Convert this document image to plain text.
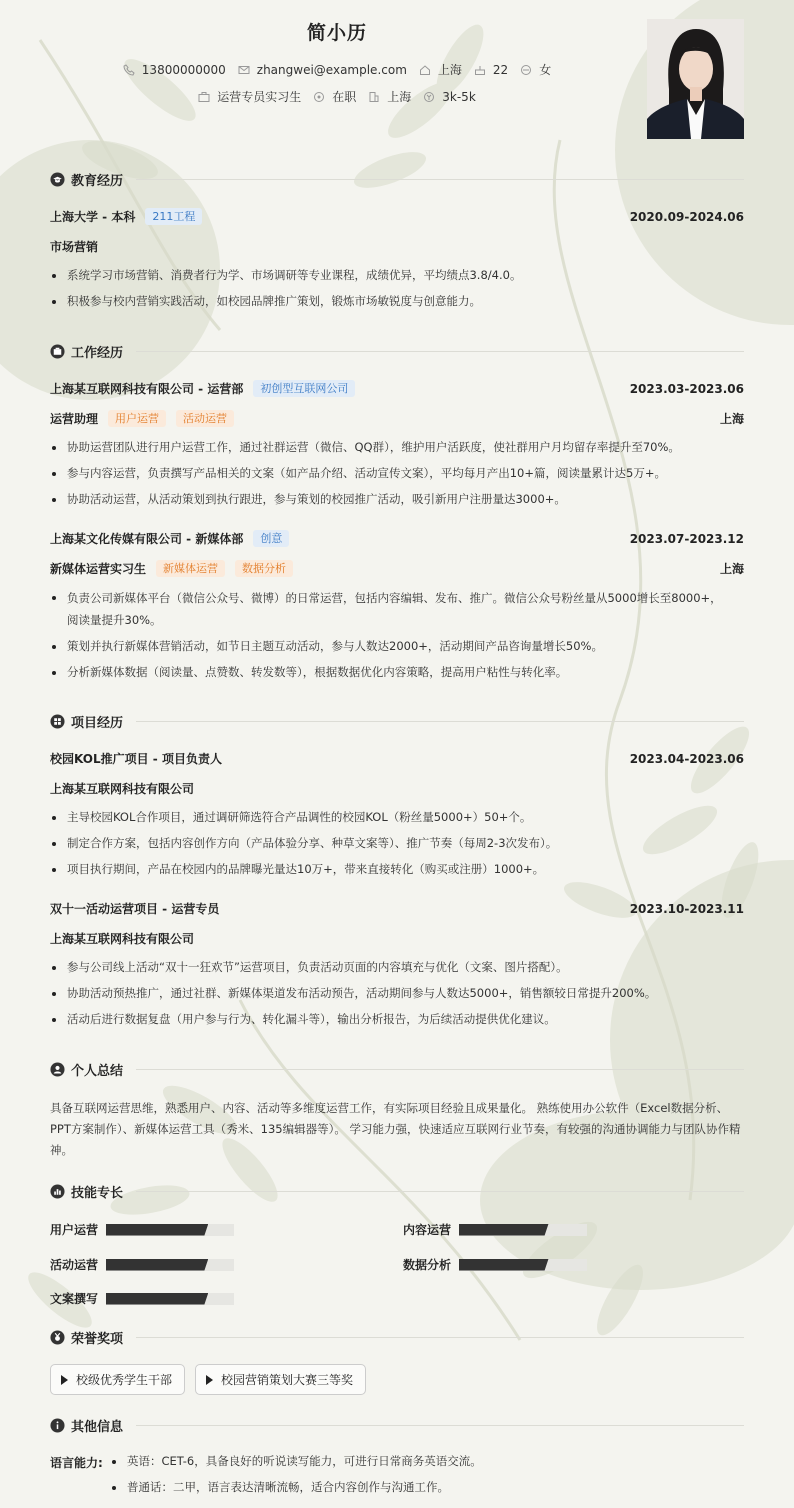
简小历
13800000000	zhangwei@example.com	上海	22	女
运营专员实习生	在职	上海	3k-5k
教育经历
上海大学 - 本科	211工程	2020.09-2024.06
市场营销
系统学习市场营销、消费者行为学、市场调研等专业课程，成绩优异，平均绩点3.8/4.0。
积极参与校内营销实践活动，如校园品牌推广策划，锻炼市场敏锐度与创意能力。
工作经历
上海某互联网科技有限公司 - 运营部	初创型互联网公司	2023.03-2023.06
运营助理	用户运营	活动运营	上海
协助运营团队进行用户运营工作，通过社群运营（微信、QQ群），维护用户活跃度，使社群用户月均留存率提升至70%。
参与内容运营，负责撰写产品相关的文案（如产品介绍、活动宣传文案），平均每月产出10+篇，阅读量累计达5万+。
协助活动运营，从活动策划到执行跟进，参与策划的校园推广活动，吸引新用户注册量达3000+。
上海某文化传媒有限公司 - 新媒体部	创意	2023.07-2023.12
新媒体运营实习生	新媒体运营	数据分析	上海
负责公司新媒体平台（微信公众号、微博）的日常运营，包括内容编辑、发布、推广。微信公众号粉丝量从5000增长至8000+，阅读量提升30%。
策划并执行新媒体营销活动，如节日主题互动活动，参与人数达2000+，活动期间产品咨询量增长50%。
分析新媒体数据（阅读量、点赞数、转发数等），根据数据优化内容策略，提高用户粘性与转化率。
项目经历
校园KOL推广项目 - 项目负责人	2023.04-2023.06
上海某互联网科技有限公司
主导校园KOL合作项目，通过调研筛选符合产品调性的校园KOL（粉丝量5000+）50+个。
制定合作方案，包括内容创作方向（产品体验分享、种草文案等）、推广节奏（每周2-3次发布）。
项目执行期间，产品在校园内的品牌曝光量达10万+，带来直接转化（购买或注册）1000+。
双十一活动运营项目 - 运营专员	2023.10-2023.11
上海某互联网科技有限公司
参与公司线上活动“双十一狂欢节”运营项目，负责活动页面的内容填充与优化（文案、图片搭配）。
协助活动预热推广，通过社群、新媒体渠道发布活动预告，活动期间参与人数达5000+，销售额较日常提升200%。
活动后进行数据复盘（用户参与行为、转化漏斗等），输出分析报告，为后续活动提供优化建议。
个人总结
具备互联网运营思维，熟悉用户、内容、活动等多维度运营工作，有实际项目经验且成果量化。 熟练使用办公软件（Excel数据分析、PPT方案制作）、新媒体运营工具（秀米、135编辑器等）。 学习能力强，快速适应互联网行业节奏，有较强的沟通协调能力与团队协作精神。
技能专长
用户运营	内容运营
活动运营	数据分析
文案撰写
荣誉奖项
校级优秀学生干部	校园营销策划大赛三等奖
其他信息
语言能力:	英语：CET-6，具备良好的听说读写能力，可进行日常商务英语交流。
普通话：二甲，语言表达清晰流畅，适合内容创作与沟通工作。
